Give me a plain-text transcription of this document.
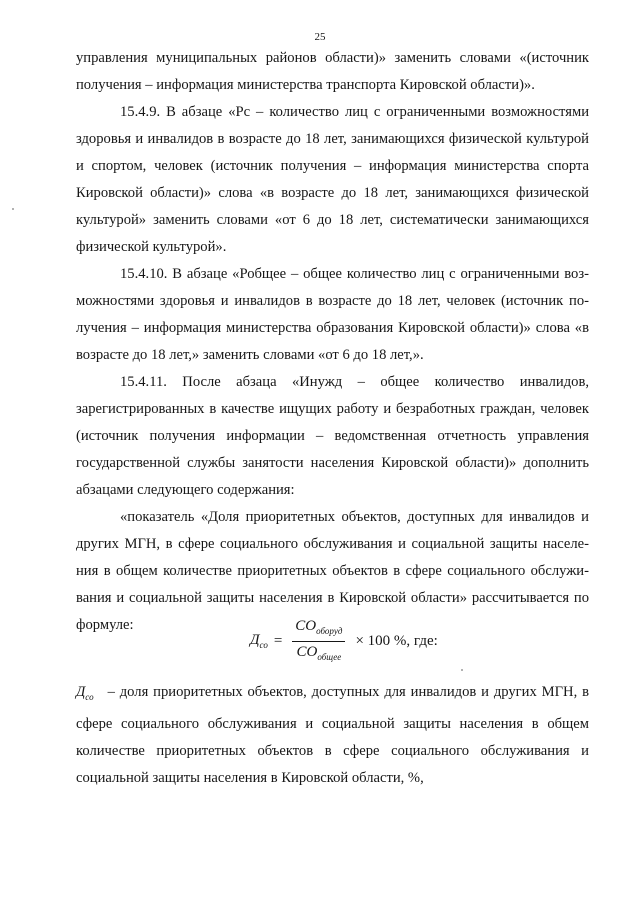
25

управления муниципальных районов области)» заменить словами «(источник получения – информация министерства транспорта Кировской области)».

15.4.9. В абзаце «Рс – количество лиц с ограниченными возможностями здоровья и инвалидов в возрасте до 18 лет, занимающихся физической культурой и спортом, человек (источник получения – информация министерства спорта Кировской области)» слова «в возрасте до 18 лет, занимающихся физической культурой» заменить словами «от 6 до 18 лет, систематически занимающихся физической культурой».

15.4.10. В абзаце «Робщее – общее количество лиц с ограниченными возможностями здоровья и инвалидов в возрасте до 18 лет, человек (источник получения – информация министерства образования Кировской области)» слова «в возрасте до 18 лет,» заменить словами «от 6 до 18 лет,».

15.4.11. После абзаца «Инужд – общее количество инвалидов, зарегистрированных в качестве ищущих работу и безработных граждан, человек (источник получения информации – ведомственная отчетность управления государственной службы занятости населения Кировской области)» дополнить абзацами следующего содержания:

«показатель «Доля приоритетных объектов, доступных для инвалидов и других МГН, в сфере социального обслуживания и социальной защиты населения в общем количестве приоритетных объектов в сфере социального обслуживания и социальной защиты населения в Кировской области» рассчитывается по формуле:

$Д_{со} = \frac{СО_{обоpуд}}{СО_{общее}} \times 100$ %, где:
$Д_{со}$ – доля приоритетных объектов, доступных для инвалидов и других МГН, в сфере социального обслуживания и социальной защиты населения в общем количестве приоритетных объектов в сфере социального обслуживания и социальной защиты населения в Кировской области, %,
